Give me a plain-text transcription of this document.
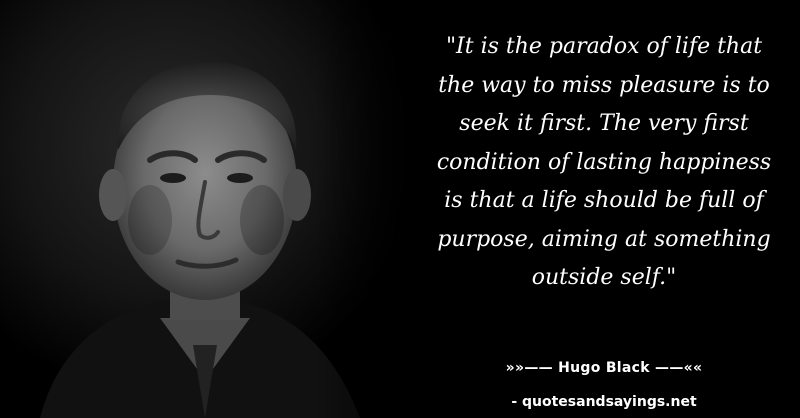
"It is the paradox of life that
the way to miss pleasure is to
seek it first. The very first
condition of lasting happiness
is that a life should be full of
purpose, aiming at something
outside self."
»»—— Hugo Black ——««
- quotesandsayings.net
